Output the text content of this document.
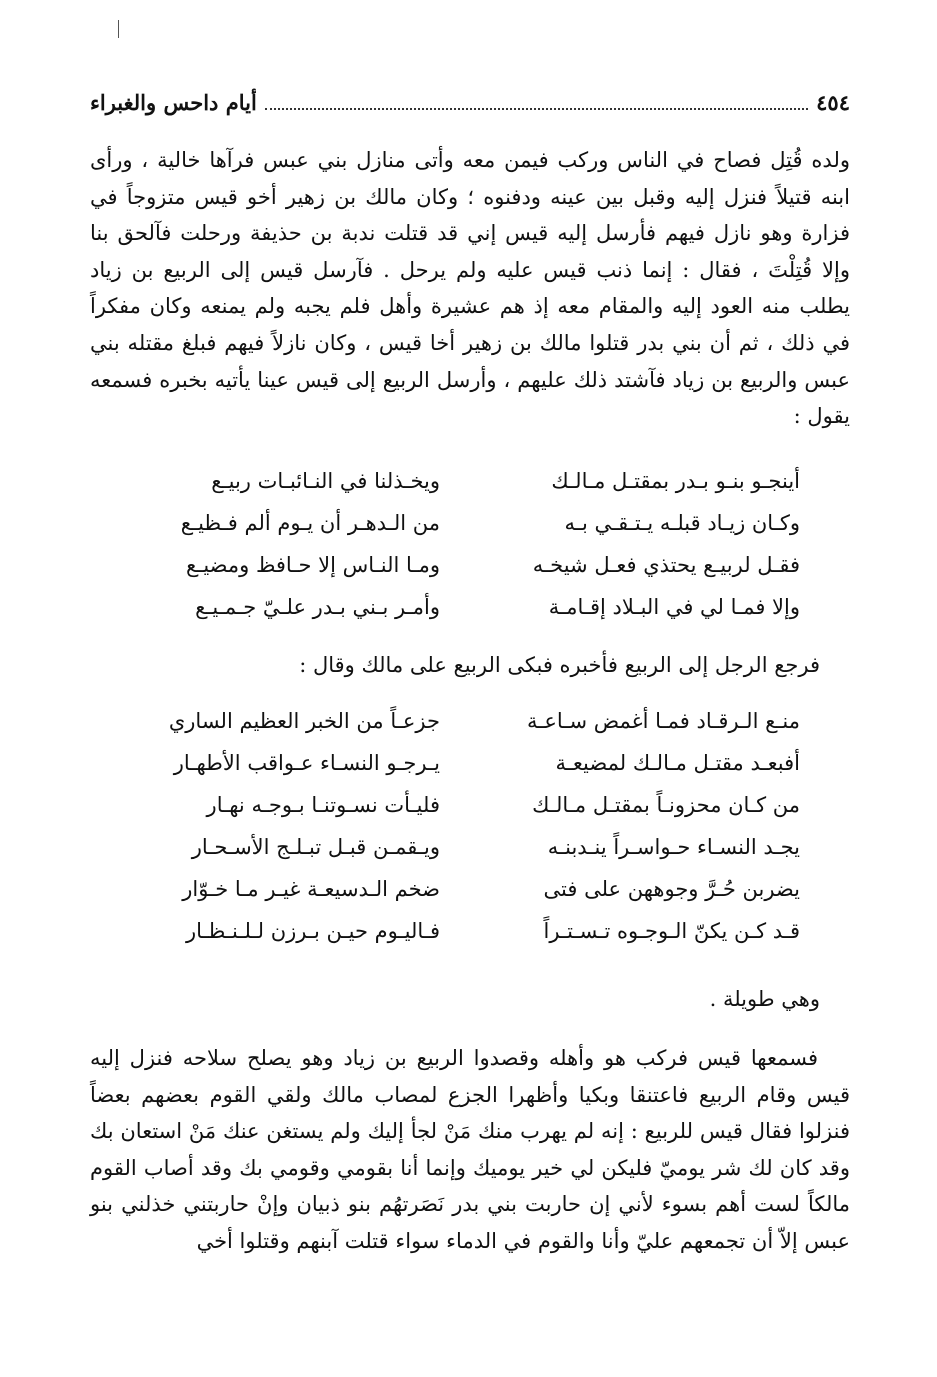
٤٥٤
أيام داحس والغبراء
ولده قُتِل فصاح في الناس وركب فيمن معه وأتى منازل بني عبس فرآها خالية ، ورأى ابنه قتيلاً فنزل إليه وقبل بين عينه ودفنوه ؛ وكان مالك بن زهير أخو قيس متزوجاً في فزارة وهو نازل فيهم فأرسل إليه قيس إني قد قتلت ندبة بن حذيفة ورحلت فآلحق بنا وإلا قُتِلْتَ ، فقال : إنما ذنب قيس عليه ولم يرحل . فآرسل قيس إلى الربيع بن زياد يطلب منه العود إليه والمقام معه إذ هم عشيرة وأهل فلم يجبه ولم يمنعه وكان مفكراً في ذلك ، ثم أن بني بدر قتلوا مالك بن زهير أخا قيس ، وكان نازلاً فيهم فبلغ مقتله بني عبس والربيع بن زياد فآشتد ذلك عليهم ، وأرسل الربيع إلى قيس عينا يأتيه بخبره فسمعه يقول :
أينجـو بنـو بـدر بمقتـل مـالـك
ويخـذلنا في النـائبـات ربيـع
وكـان زيـاد قبلـه يـتـقـي بـه
من الـدهـر أن يـوم ألم فـظيـع
فقـل لربيـع يحتذي فعـل شيخـه
ومـا النـاس إلا حـافظ ومضيـع
وإلا فمـا لي في البـلاد إقـامـة
وأمـر بـني بـدر علـيّ جـمـيـع
فرجع الرجل إلى الربيع فأخبره فبكى الربيع على مالك وقال :
منـع الـرقـاد فمـا أغمض سـاعـة
جزعـاً من الخبر العظيم الساري
أفبعـد مقتـل مـالـك لمضيعـة
يـرجـو النسـاء عـواقب الأطهـار
من كـان محزونـاً بمقتـل مـالـك
فليـأت نسـوتنـا بـوجـه نهـار
يجـد النسـاء حـواسـراً ينـدبنـه
ويـقمـن قبـل تبـلـج الأسـحـار
يضربن حُـرَّ وجوههن على فتى
ضخم الـدسيعـة غيـر مـا خـوّار
قـد كـن يكنّ الـوجـوه تـسـتـراً
فـاليـوم حيـن بـرزن لـلـنـظـار
وهي طويلة .
فسمعها قيس فركب هو وأهله وقصدوا الربيع بن زياد وهو يصلح سلاحه فنزل إليه قيس وقام الربيع فاعتنقا وبكيا وأظهرا الجزع لمصاب مالك ولقي القوم بعضهم بعضاً فنزلوا فقال قيس للربيع : إنه لم يهرب منك مَنْ لجأ إليك ولم يستغن عنك مَنْ استعان بك وقد كان لك شر يوميّ فليكن لي خير يوميك وإنما أنا بقومي وقومي بك وقد أصاب القوم مالكاً لست أهم بسوء لأني إن حاربت بني بدر نَصَرتهُم بنو ذبيان وإنْ حاربتني خذلني بنو عبس إلاّ أن تجمعهم عليّ وأنا والقوم في الدماء سواء قتلت آبنهم وقتلوا أخي
